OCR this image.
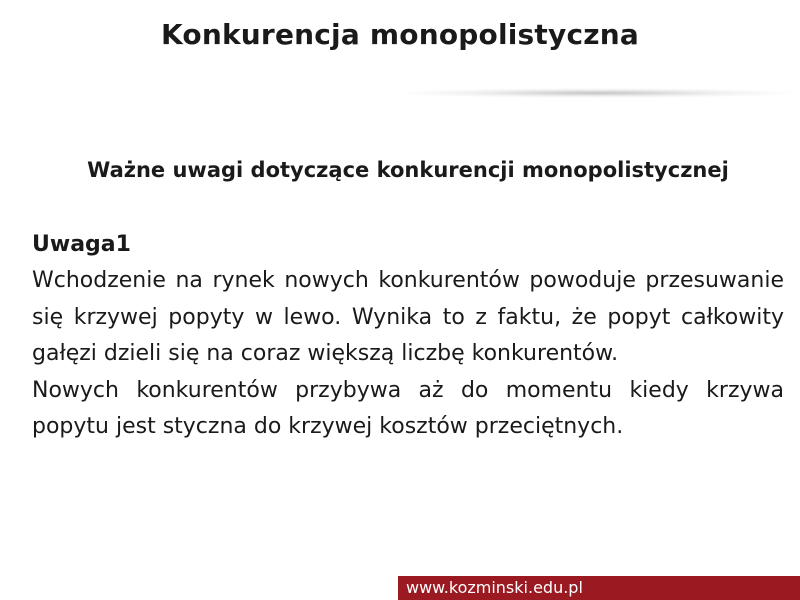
Konkurencja monopolistyczna

Ważne uwagi dotyczące konkurencji monopolistycznej

Uwaga1

Wchodzenie na rynek nowych konkurentów powoduje przesuwanie się krzywej popyty w lewo. Wynika to z faktu, że popyt całkowity gałęzi dzieli się na coraz większą liczbę konkurentów.

Nowych konkurentów przybywa aż do momentu kiedy krzywa popytu jest styczna do krzywej kosztów przeciętnych.

www.kozminski.edu.pl
